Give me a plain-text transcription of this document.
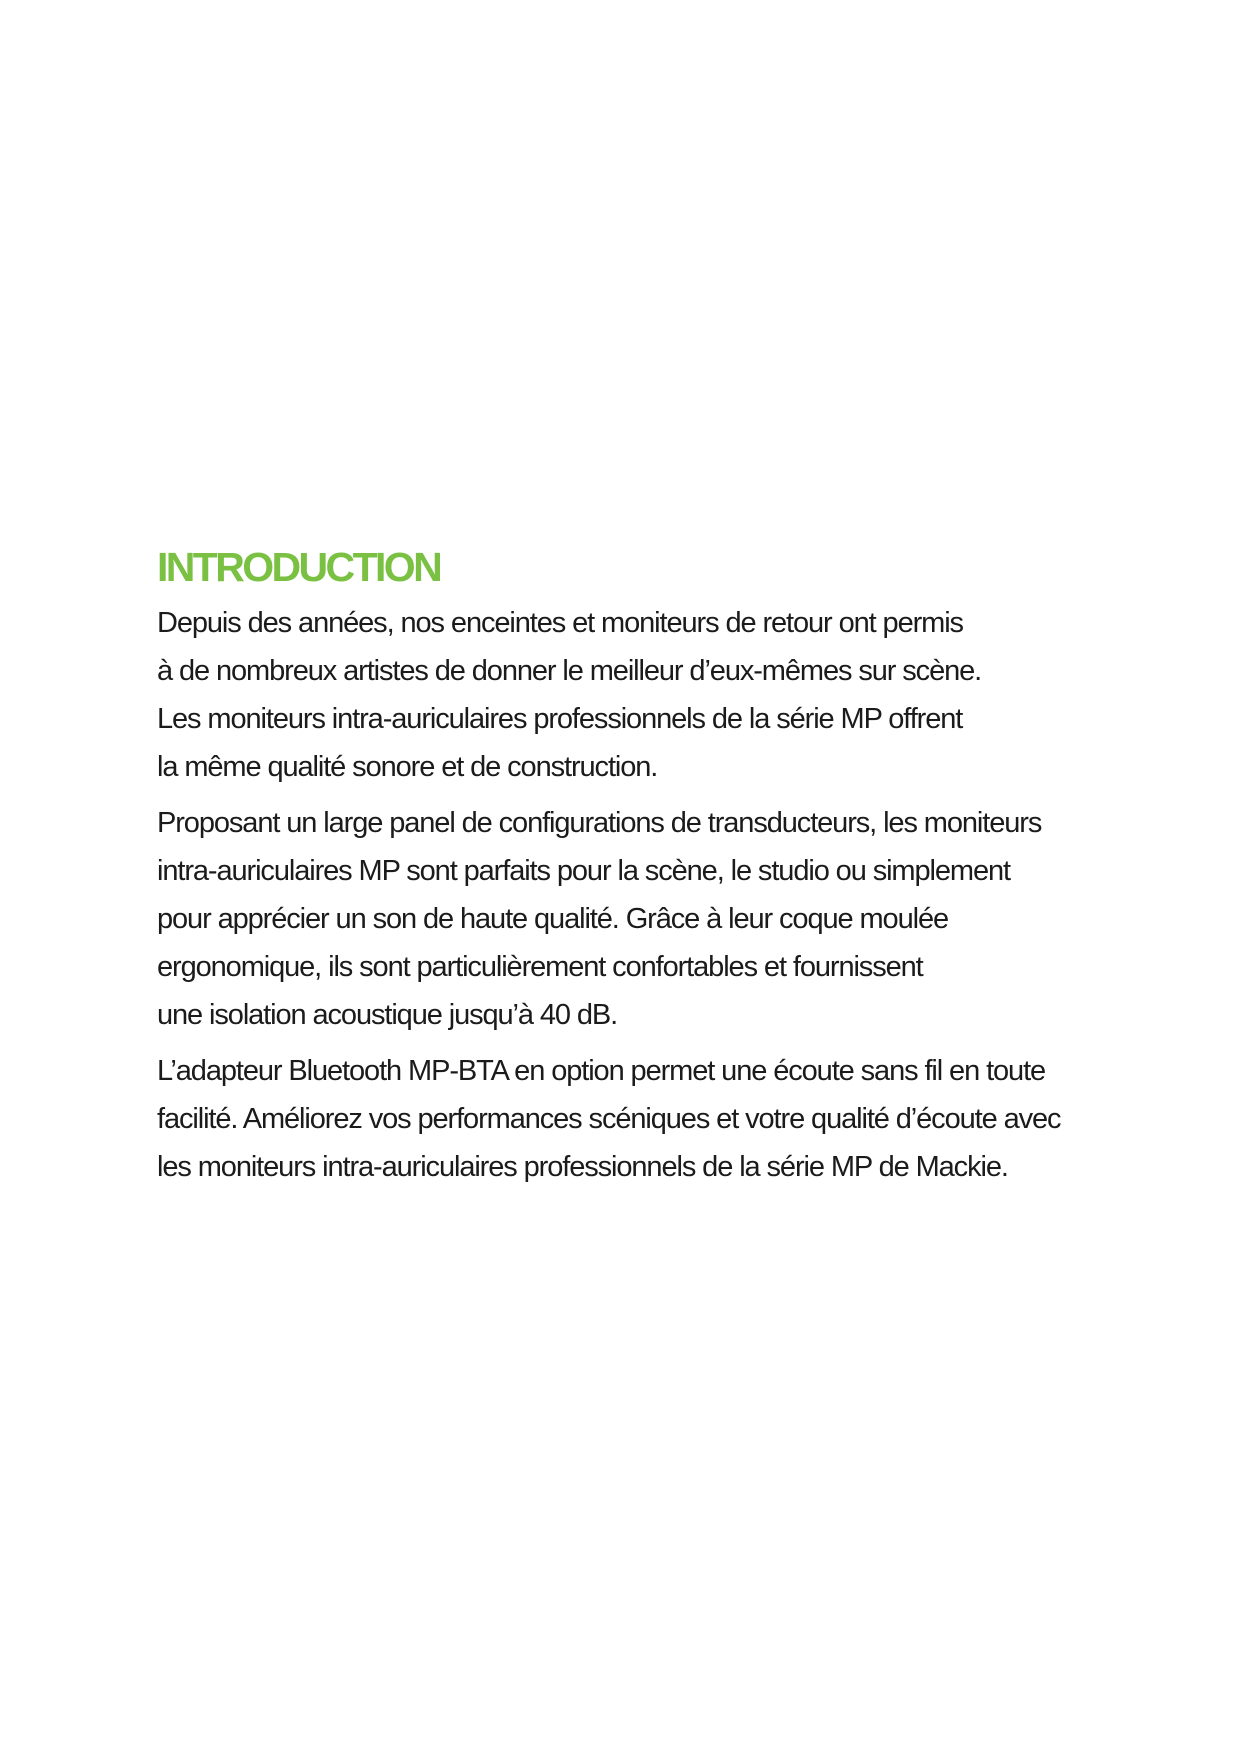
INTRODUCTION

Depuis des années, nos enceintes et moniteurs de retour ont permis
à de nombreux artistes de donner le meilleur d’eux-mêmes sur scène.
Les moniteurs intra-auriculaires professionnels de la série MP offrent
la même qualité sonore et de construction.

Proposant un large panel de configurations de transducteurs, les moniteurs
intra-auriculaires MP sont parfaits pour la scène, le studio ou simplement
pour apprécier un son de haute qualité. Grâce à leur coque moulée
ergonomique, ils sont particulièrement confortables et fournissent
une isolation acoustique jusqu’à 40 dB.

L’adapteur Bluetooth MP-BTA en option permet une écoute sans fil en toute
facilité. Améliorez vos performances scéniques et votre qualité d’écoute avec
les moniteurs intra-auriculaires professionnels de la série MP de Mackie.
